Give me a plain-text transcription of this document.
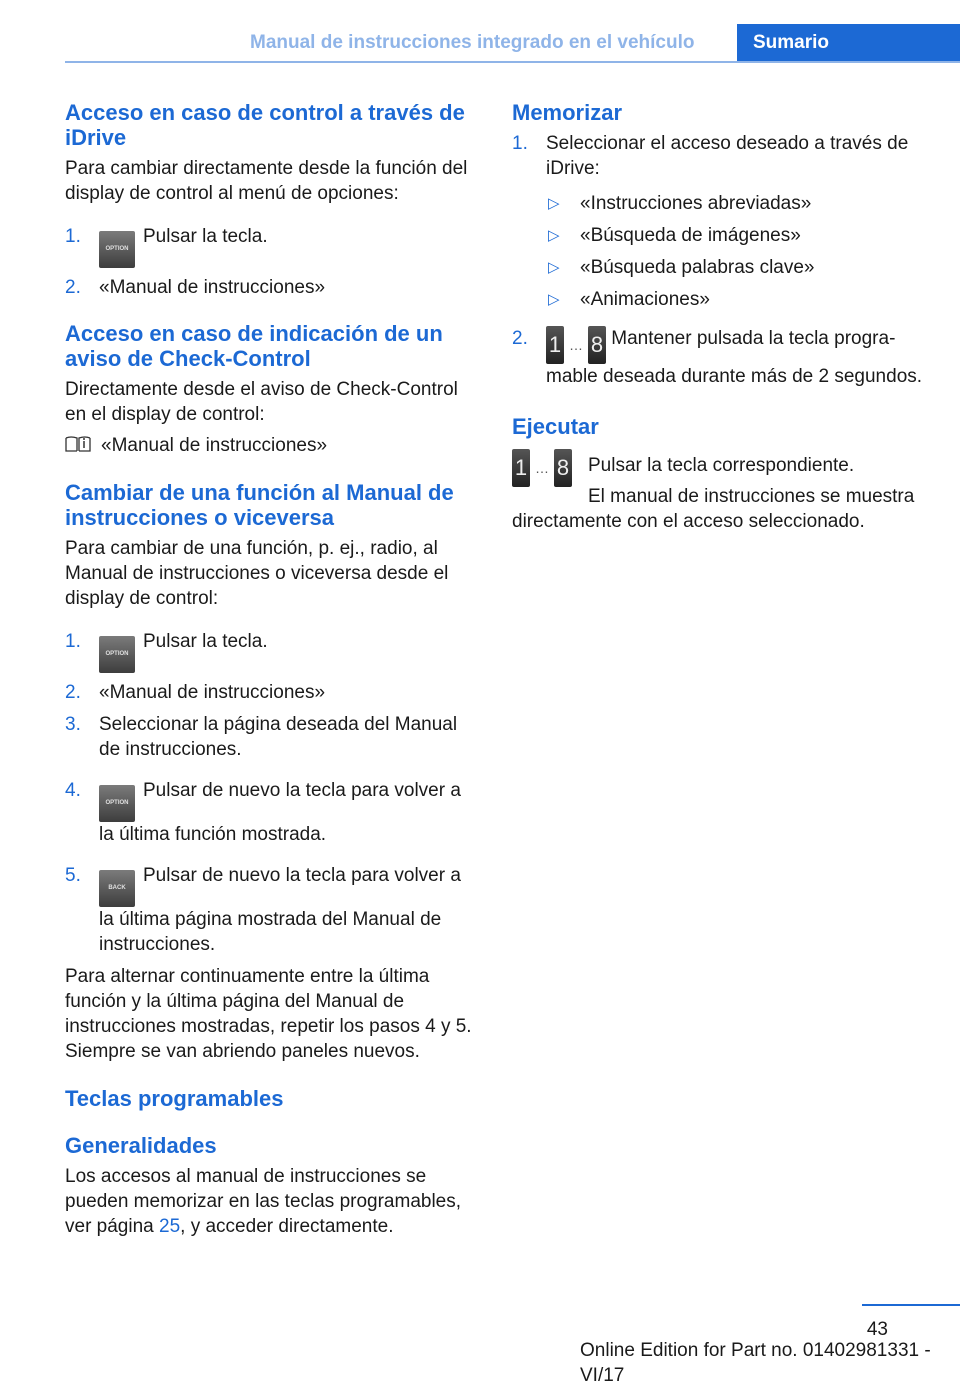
Manual de instrucciones integrado en el vehículo	Sumario
Acceso en caso de control a través de iDrive

Para cambiar directamente desde la función del display de control al menú de opciones:

1.
OPTIONPulsar la tecla.
2. «Manual de instrucciones»
Acceso en caso de indicación de un aviso de Check-Control

Directamente desde el aviso de Check-Control en el display de control:

«Manual de instrucciones»

Cambiar de una función al Manual de instrucciones o viceversa

Para cambiar de una función, p. ej., radio, al Manual de instrucciones o viceversa desde el display de control:

1.
OPTIONPulsar la tecla.
2. «Manual de instrucciones»
3. Seleccionar la página deseada del Manual de instrucciones.
4.
OPTIONPulsar de nuevo la tecla para volver a la última función mostrada.
5.
BACKPulsar de nuevo la tecla para volver a la última página mostrada del Manual de instrucciones.

Para alternar continuamente entre la última función y la última página del Manual de instrucciones mostradas, repetir los pasos 4 y 5. Siempre se van abriendo paneles nuevos.

Teclas programables
Generalidades

Los accesos al manual de instrucciones se pueden memorizar en las teclas programables, ver página 25, y acceder directamente.

Memorizar
1. Seleccionar el acceso deseado a través de iDrive:
▷ «Instrucciones abreviadas»
▷ «Búsqueda de imágenes»
▷ «Búsqueda palabras clave»
▷ «Animaciones»
2. 1 … 8 Mantener pulsada la tecla programable deseada durante más de 2 segundos.
Ejecutar
1 … 8 Pulsar la tecla correspondiente.

El manual de instrucciones se muestra directamente con el acceso seleccionado.

43
Online Edition for Part no. 01402981331 - VI/17
